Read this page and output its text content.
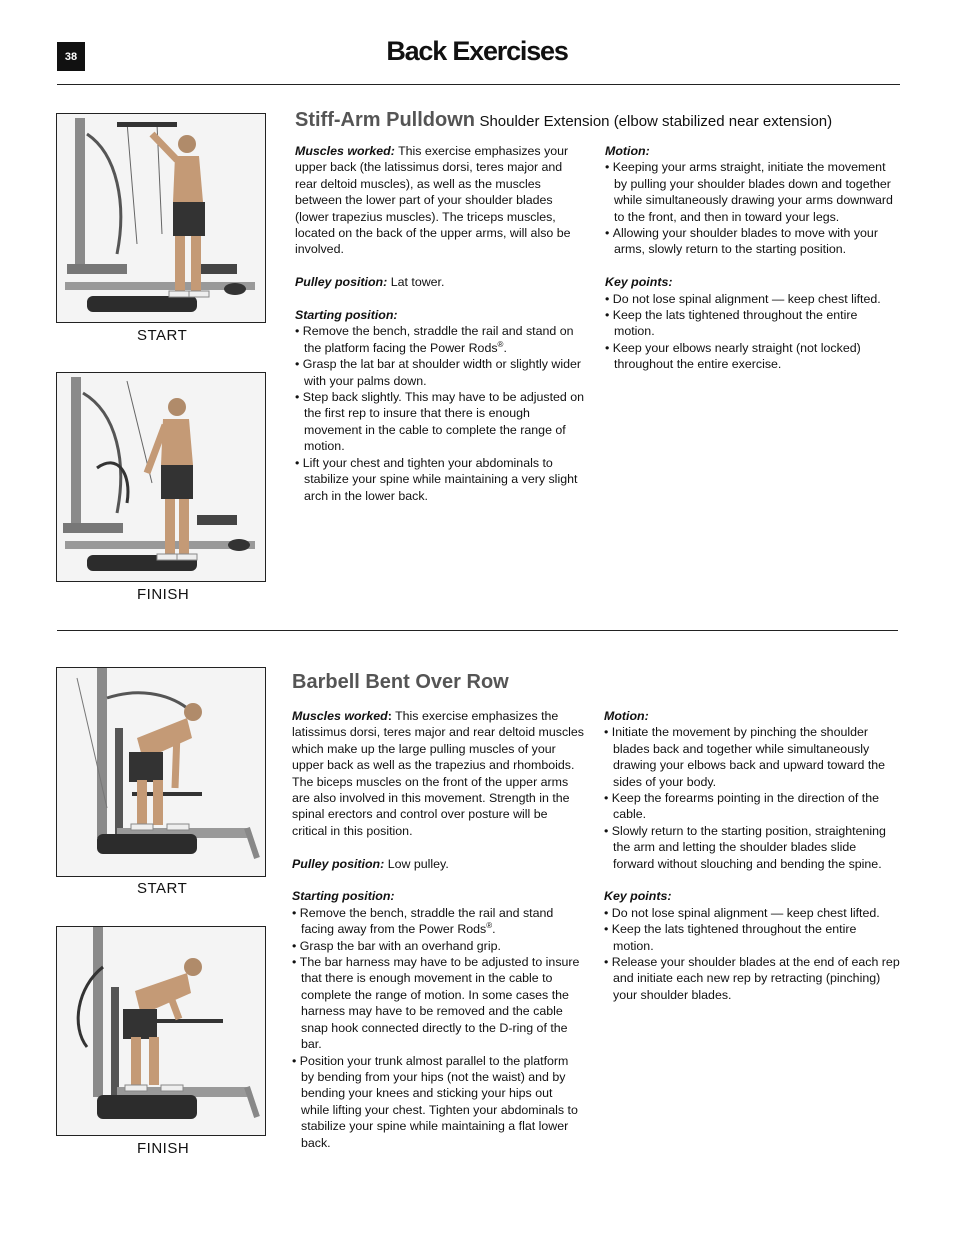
38	Back Exercises
START
FINISH
Stiff-Arm Pulldown Shoulder Extension (elbow stabilized near extension)

Muscles worked: This exercise emphasizes your upper back (the latissimus dorsi, teres major and rear deltoid muscles), as well as the muscles between the lower part of your shoulder blades (lower trapezius muscles). The triceps muscles, located on the back of the upper arms, will also be involved.

Pulley position: Lat tower.

Starting position:
• Remove the bench, straddle the rail and stand on the platform facing the Power Rods®.
• Grasp the lat bar at shoulder width or slightly wider with your palms down.
• Step back slightly. This may have to be adjusted on the first rep to insure that there is enough movement in the cable to complete the range of motion.
• Lift your chest and tighten your abdominals to stabilize your spine while maintaining a very slight arch in the lower back.
Motion:
• Keeping your arms straight, initiate the movement by pulling your shoulder blades down and together while simultaneously drawing your arms downward to the front, and then in toward your legs.
• Allowing your shoulder blades to move with your arms, slowly return to the starting position.
Key points:
• Do not lose spinal alignment — keep chest lifted.
• Keep the lats tightened throughout the entire motion.
• Keep your elbows nearly straight (not locked) throughout the entire exercise.
START
FINISH
Barbell Bent Over Row

Muscles worked: This exercise emphasizes the latissimus dorsi, teres major and rear deltoid muscles which make up the large pulling muscles of your upper back as well as the trapezius and rhomboids. The biceps muscles on the front of the upper arms are also involved in this movement. Strength in the spinal erectors and control over posture will be critical in this position.

Pulley position: Low pulley.

Starting position:
• Remove the bench, straddle the rail and stand facing away from the Power Rods®.
• Grasp the bar with an overhand grip.
• The bar harness may have to be adjusted to insure that there is enough movement in the cable to complete the range of motion. In some cases the harness may have to be removed and the cable snap hook connected directly to the D-ring of the bar.
• Position your trunk almost parallel to the platform by bending from your hips (not the waist) and by bending your knees and sticking your hips out while lifting your chest. Tighten your abdominals to stabilize your spine while maintaining a flat lower back.
Motion:
• Initiate the movement by pinching the shoulder blades back and together while simultaneously drawing your elbows back and upward toward the sides of your body.
• Keep the forearms pointing in the direction of the cable.
• Slowly return to the starting position, straightening the arm and letting the shoulder blades slide forward without slouching and bending the spine.
Key points:
• Do not lose spinal alignment — keep chest lifted.
• Keep the lats tightened throughout the entire motion.
• Release your shoulder blades at the end of each rep and initiate each new rep by retracting (pinching) your shoulder blades.
